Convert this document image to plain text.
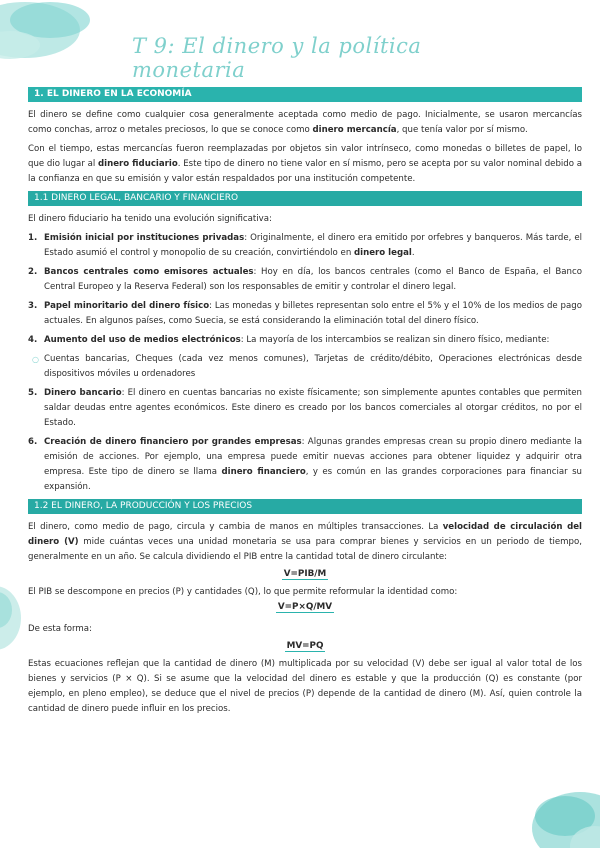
T 9: El dinero y la política monetaria
1. EL DINERO EN LA ECONOMÍA

El dinero se define como cualquier cosa generalmente aceptada como medio de pago. Inicialmente, se usaron mercancías como conchas, arroz o metales preciosos, lo que se conoce como dinero mercancía, que tenía valor por sí mismo.

Con el tiempo, estas mercancías fueron reemplazadas por objetos sin valor intrínseco, como monedas o billetes de papel, lo que dio lugar al dinero fiduciario. Este tipo de dinero no tiene valor en sí mismo, pero se acepta por su valor nominal debido a la confianza en que su emisión y valor están respaldados por una institución competente.

1.1 DINERO LEGAL, BANCARIO Y FINANCIERO

El dinero fiduciario ha tenido una evolución significativa:

1. Emisión inicial por instituciones privadas: Originalmente, el dinero era emitido por orfebres y banqueros. Más tarde, el Estado asumió el control y monopolio de su creación, convirtiéndolo en dinero legal.
2. Bancos centrales como emisores actuales: Hoy en día, los bancos centrales (como el Banco de España, el Banco Central Europeo y la Reserva Federal) son los responsables de emitir y controlar el dinero legal.
3. Papel minoritario del dinero físico: Las monedas y billetes representan solo entre el 5% y el 10% de los medios de pago actuales. En algunos países, como Suecia, se está considerando la eliminación total del dinero físico.
4. Aumento del uso de medios electrónicos: La mayoría de los intercambios se realizan sin dinero físico, mediante:
○ Cuentas bancarias, Cheques (cada vez menos comunes), Tarjetas de crédito/débito, Operaciones electrónicas desde dispositivos móviles u ordenadores
5. Dinero bancario: El dinero en cuentas bancarias no existe físicamente; son simplemente apuntes contables que permiten saldar deudas entre agentes económicos. Este dinero es creado por los bancos comerciales al otorgar créditos, no por el Estado.
6. Creación de dinero financiero por grandes empresas: Algunas grandes empresas crean su propio dinero mediante la emisión de acciones. Por ejemplo, una empresa puede emitir nuevas acciones para obtener liquidez y adquirir otra empresa. Este tipo de dinero se llama dinero financiero, y es común en las grandes corporaciones para financiar su expansión.
1.2 EL DINERO, LA PRODUCCIÓN Y LOS PRECIOS

El dinero, como medio de pago, circula y cambia de manos en múltiples transacciones. La velocidad de circulación del dinero (V) mide cuántas veces una unidad monetaria se usa para comprar bienes y servicios en un periodo de tiempo, generalmente en un año. Se calcula dividiendo el PIB entre la cantidad total de dinero circulante:

V=PIB/M

El PIB se descompone en precios (P) y cantidades (Q), lo que permite reformular la identidad como:

V=P×Q/MV

De esta forma:

MV=PQ

Estas ecuaciones reflejan que la cantidad de dinero (M) multiplicada por su velocidad (V) debe ser igual al valor total de los bienes y servicios (P × Q). Si se asume que la velocidad del dinero es estable y que la producción (Q) es constante (por ejemplo, en pleno empleo), se deduce que el nivel de precios (P) depende de la cantidad de dinero (M). Así, quien controle la cantidad de dinero puede influir en los precios.
